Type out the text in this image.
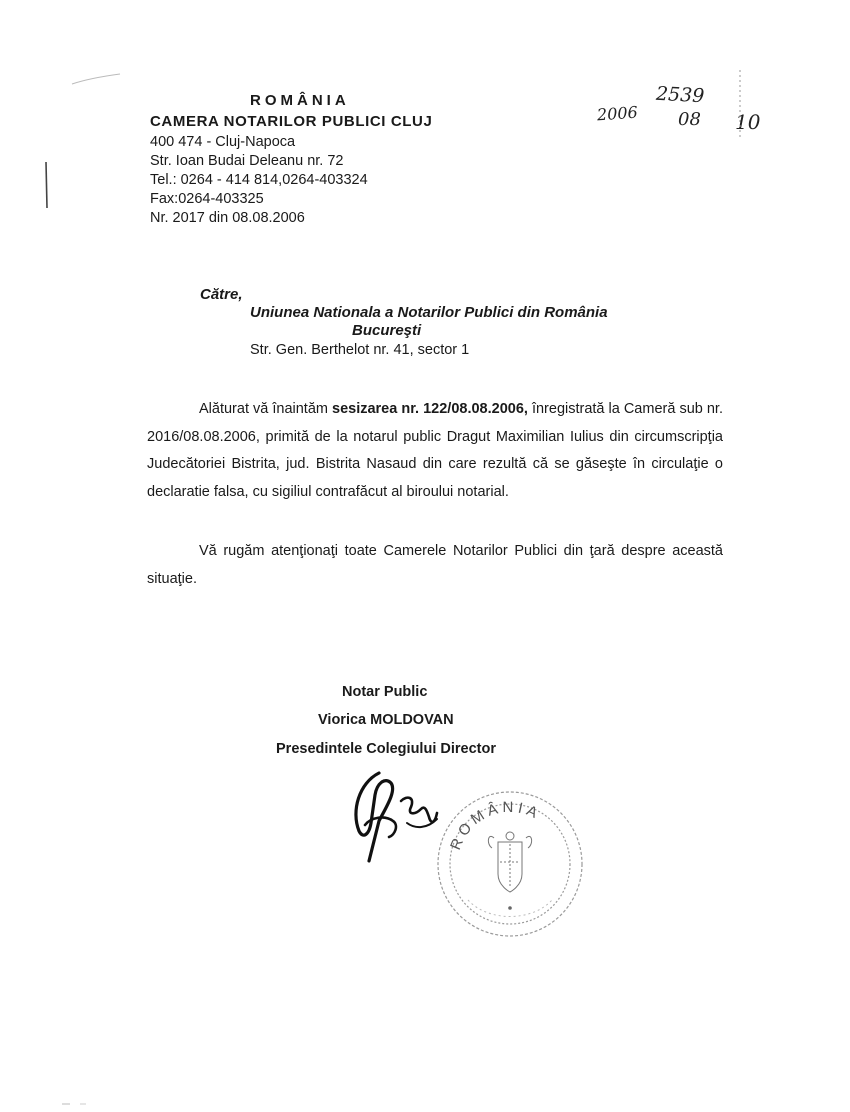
ROMÂNIA
CAMERA NOTARILOR PUBLICI CLUJ
400 474 - Cluj-Napoca
Str. Ioan Budai Deleanu nr. 72
Tel.: 0264 - 414 814,0264-403324
Fax:0264-403325
Nr. 2017 din 08.08.2006
2006
2539
08 10
Către,
Uniunea Nationala a Notarilor Publici din România
Bucureşti
Str. Gen. Berthelot nr. 41, sector 1
Alăturat vă înaintăm sesizarea nr. 122/08.08.2006, înregistrată la Cameră sub nr. 2016/08.08.2006, primită de la notarul public Dragut Maximilian Iulius din circumscripţia Judecătoriei Bistrita, jud. Bistrita Nasaud din care rezultă că se găseşte în circulaţie o declaratie falsa, cu sigiliul contrafăcut al biroului notarial.
Vă rugăm atenţionaţi toate Camerele Notarilor Publici din ţară despre această situaţie.
Notar Public
Viorica MOLDOVAN
Presedintele Colegiului Director
ROMÂNIA
